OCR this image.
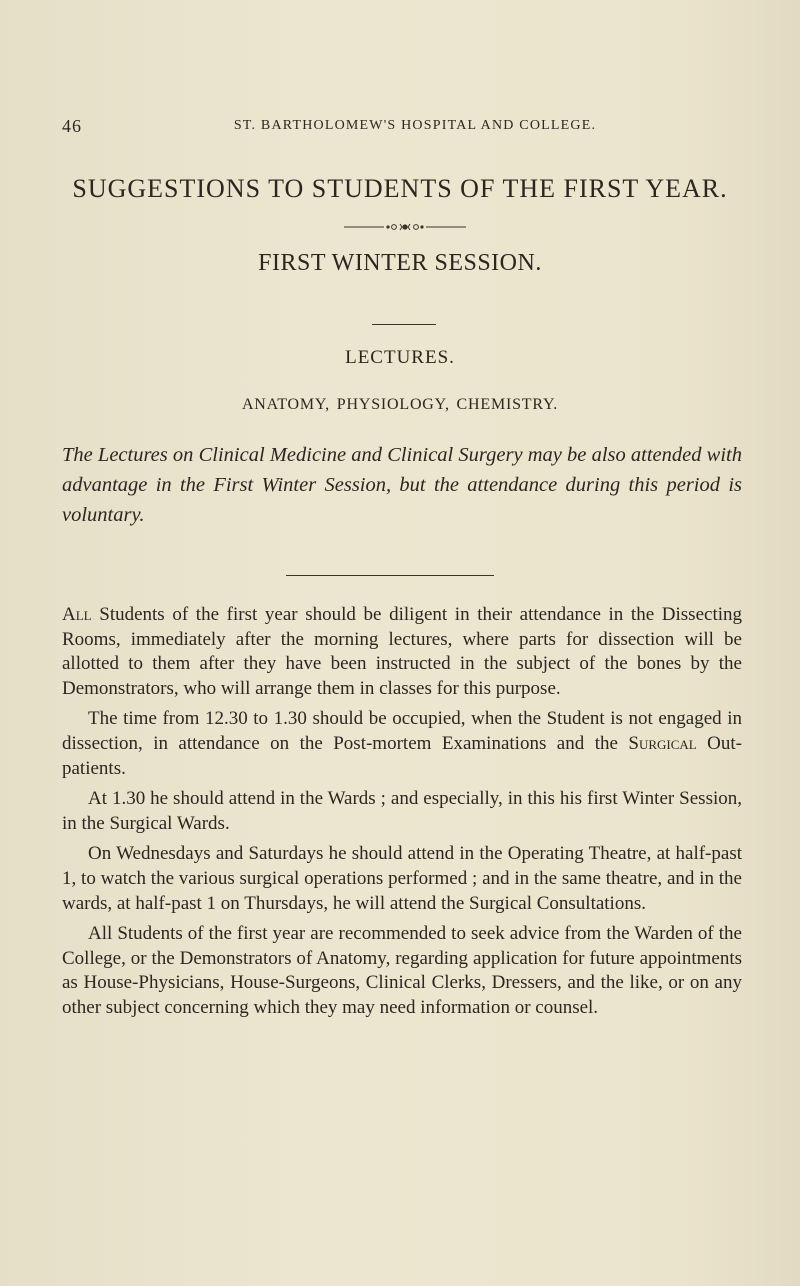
46	ST. BARTHOLOMEW'S HOSPITAL AND COLLEGE.
SUGGESTIONS TO STUDENTS OF THE FIRST YEAR.
FIRST WINTER SESSION.
LECTURES.
ANATOMY, PHYSIOLOGY, CHEMISTRY.
The Lectures on Clinical Medicine and Clinical Surgery may be also attended with advantage in the First Winter Session, but the attendance during this period is voluntary.

All Students of the first year should be diligent in their attendance in the Dissecting Rooms, immediately after the morning lectures, where parts for dissection will be allotted to them after they have been instructed in the subject of the bones by the Demonstrators, who will arrange them in classes for this purpose.

The time from 12.30 to 1.30 should be occupied, when the Student is not engaged in dissection, in attendance on the Post-mortem Examinations and the Surgical Out-patients.

At 1.30 he should attend in the Wards ; and especially, in this his first Winter Session, in the Surgical Wards.

On Wednesdays and Saturdays he should attend in the Operating Theatre, at half-past 1, to watch the various surgical operations performed ; and in the same theatre, and in the wards, at half-past 1 on Thursdays, he will attend the Surgical Consultations.

All Students of the first year are recommended to seek advice from the Warden of the College, or the Demonstrators of Anatomy, regarding application for future appointments as House-Physicians, House-Surgeons, Clinical Clerks, Dressers, and the like, or on any other subject concerning which they may need information or counsel.
